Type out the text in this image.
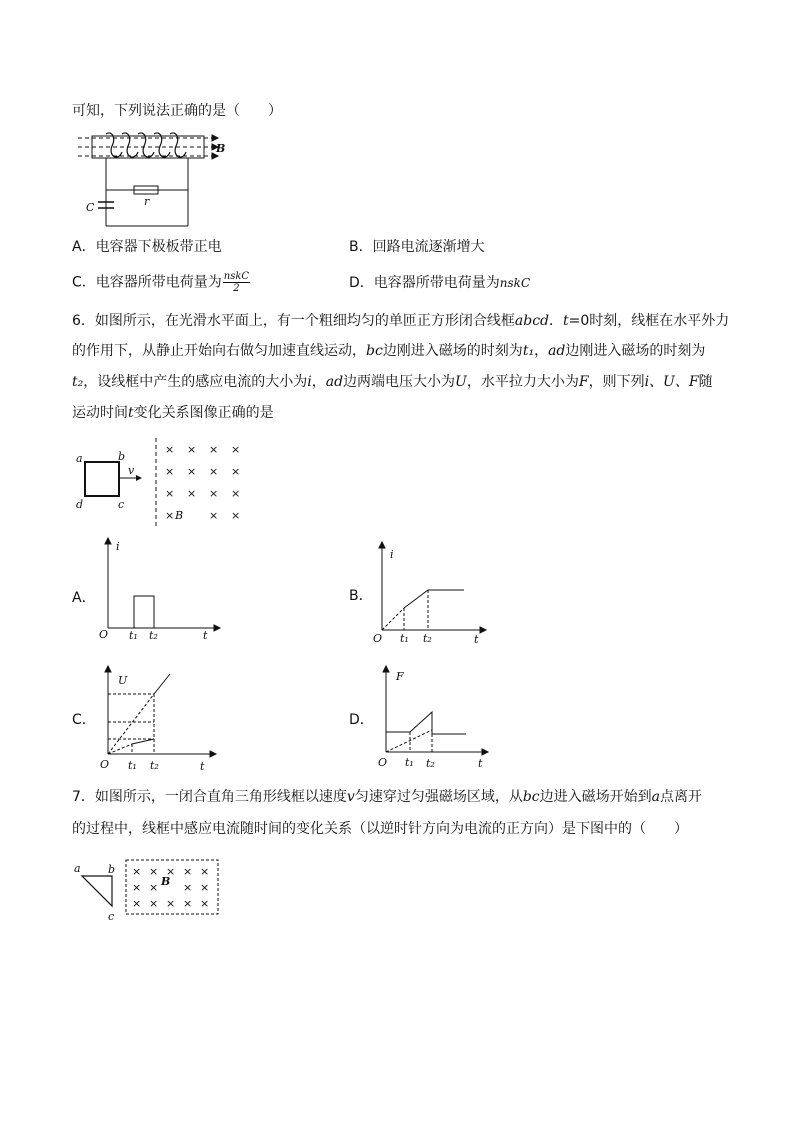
可知，下列说法正确的是（　　）
B
C	r
A．电容器下极板带正电	B．回路电流逐渐增大
C．电容器所带电荷量为 $\frac{\text{nskC}}{2}$	D．电容器所带电荷量为nskC
6．如图所示，在光滑水平面上，有一个粗细均匀的单匝正方形闭合线框abcd．t=0时刻，线框在水平外力
的作用下，从静止开始向右做匀加速直线运动，bc边刚进入磁场的时刻为t₁，ad边刚进入磁场的时刻为
t₂，设线框中产生的感应电流的大小为i，ad边两端电压大小为U，水平拉力大小为F，则下列i、U、F随
运动时间t变化关系图像正确的是
a	b
d	c
v
× × × ×
× × × ×
× × × ×
× B × ×
A．
i
O t₁ t₂	t
B．
i
O t₁ t₂	t
C．
U
O t₁ t₂	t
D．
F
O t₁ t₂	t
7．如图所示，一闭合直角三角形线框以速度v匀速穿过匀强磁场区域，从bc边进入磁场开始到a点离开
的过程中，线框中感应电流随时间的变化关系（以逆时针方向为电流的正方向）是下图中的（　　）
a b
c
× × × × ×
× × B × ×
× × × × ×
